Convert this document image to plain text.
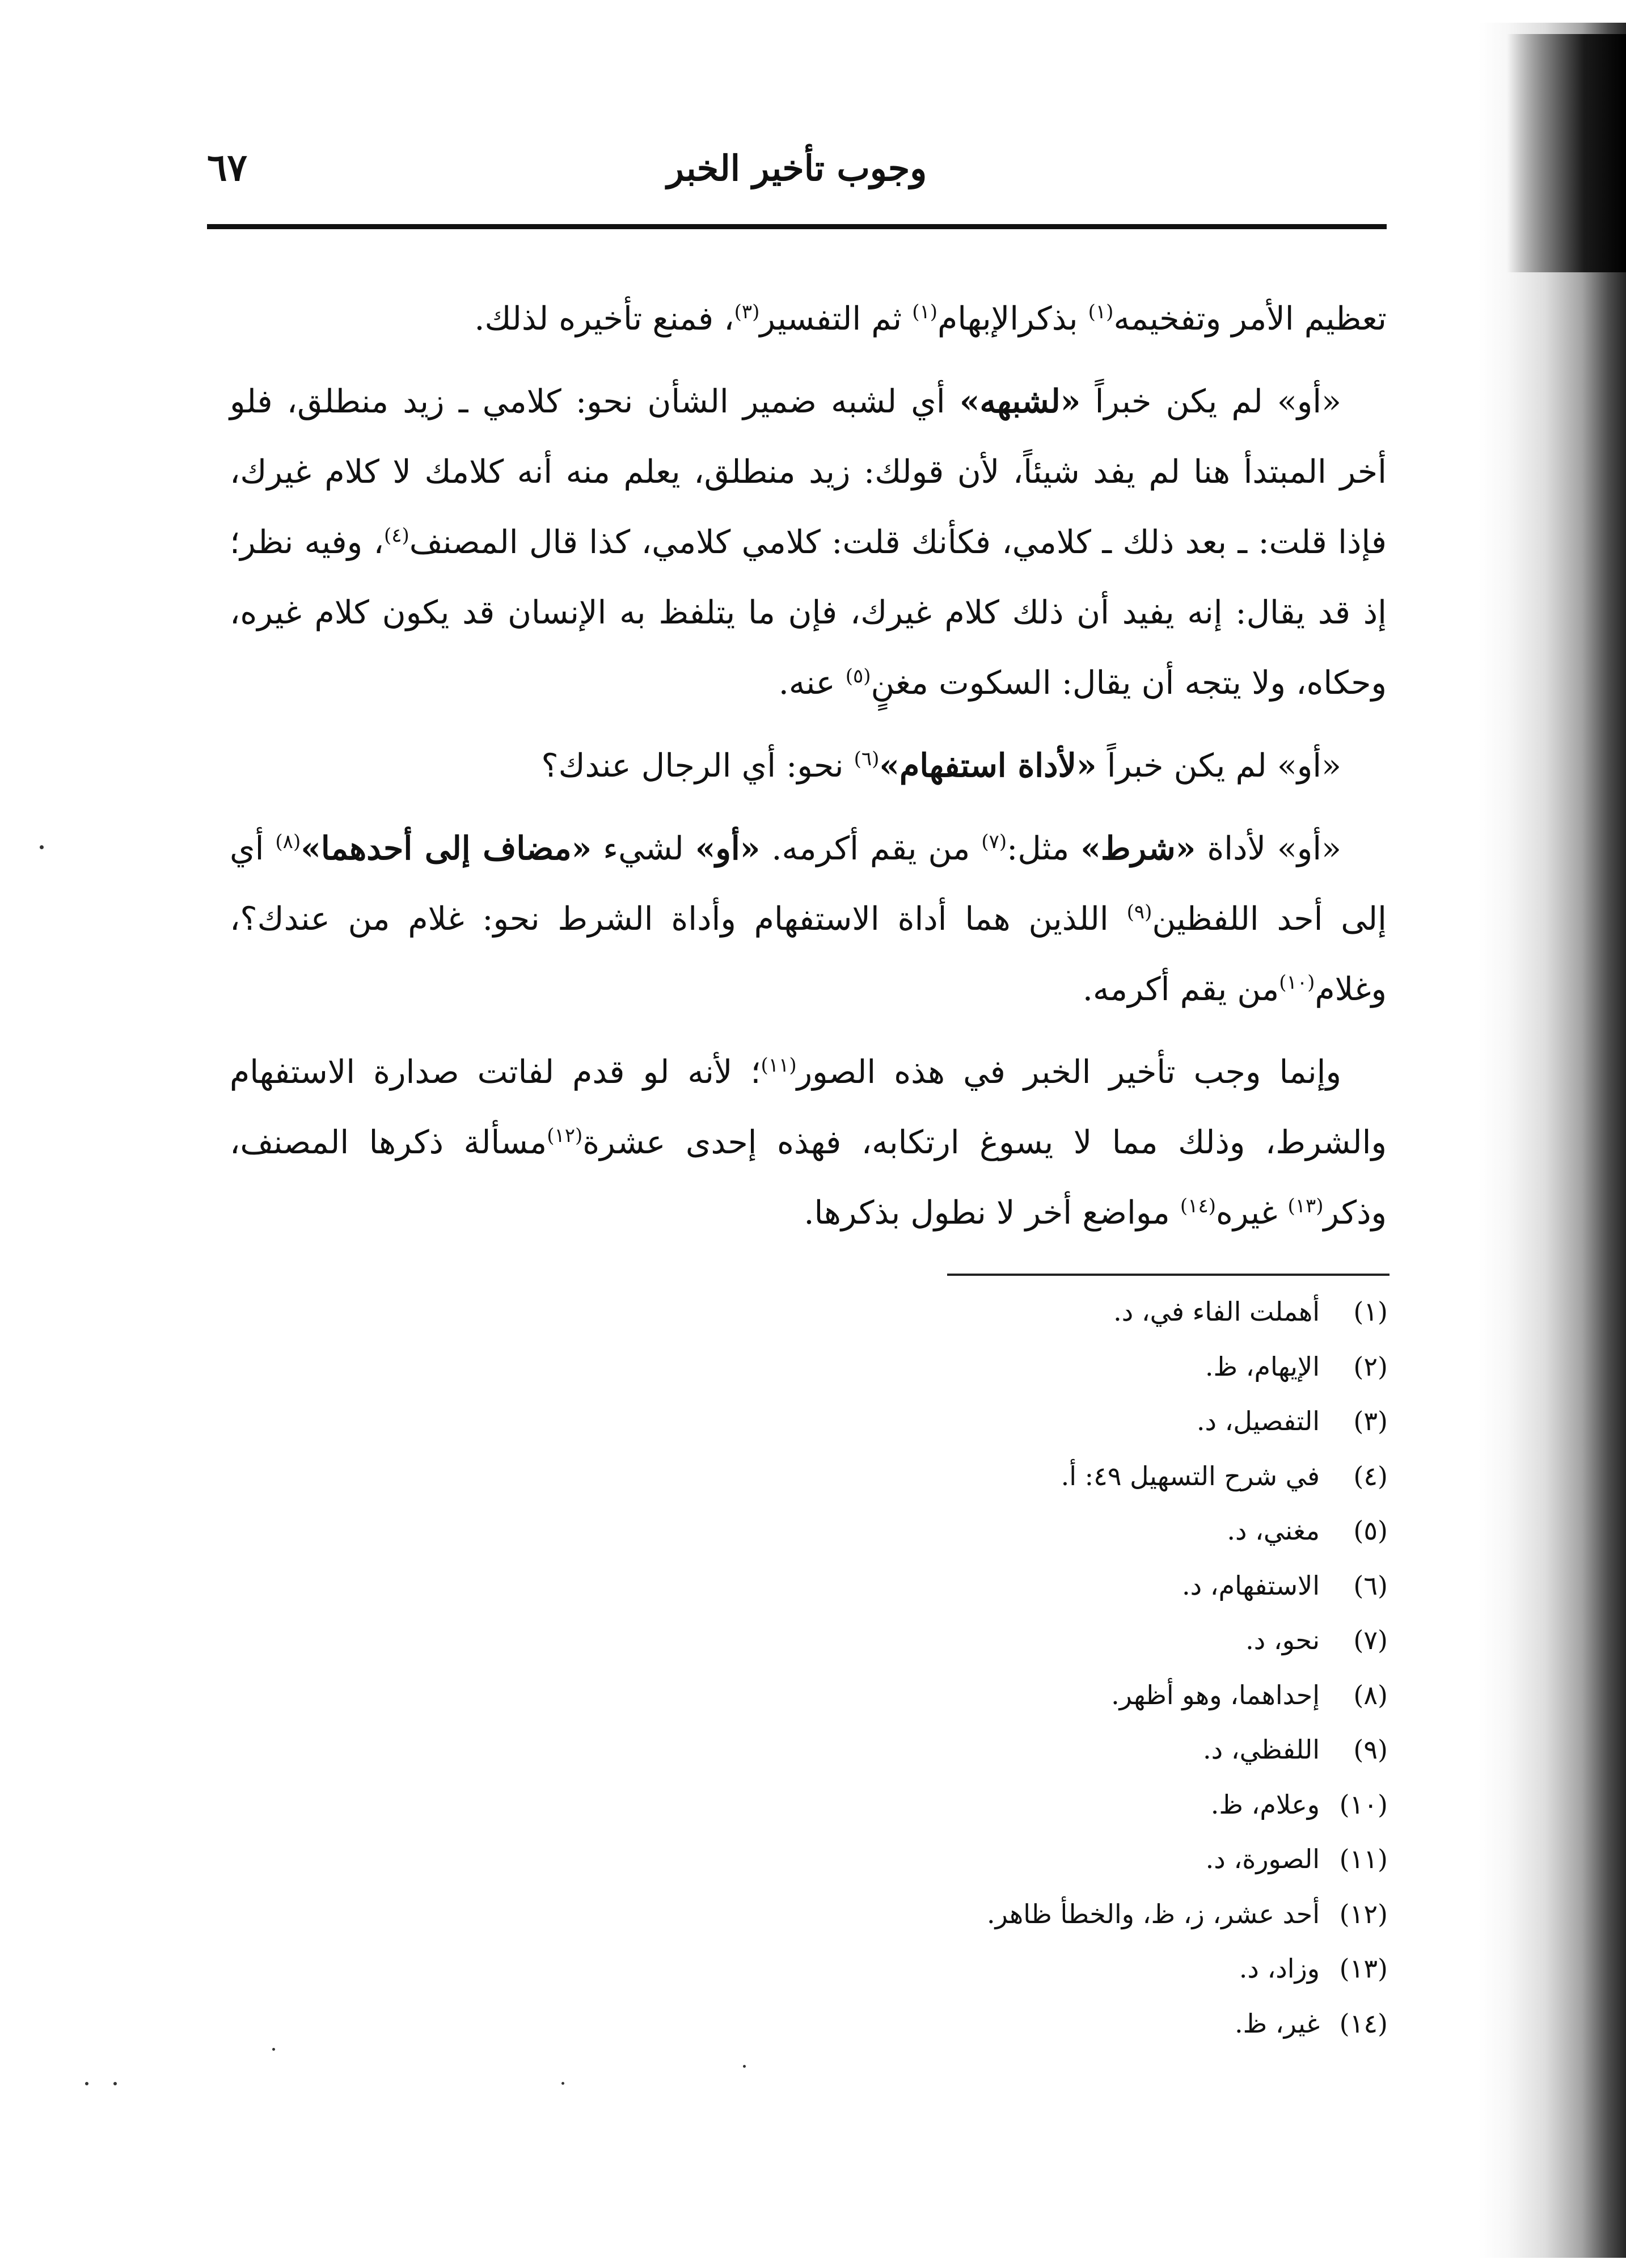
وجوب تأخير الخبر
٦٧

تعظيم الأمر وتفخيمه$^{(١)}$ بذكرالإبهام$^{(١)}$ ثم التفسير$^{(٣)}$، فمنع تأخيره لذلك.

«أو» لم يكن خبراً «لشبهه» أي لشبه ضمير الشأن نحو: كلامي ـ زيد منطلق، فلو أخر المبتدأ هنا لم يفد شيئاً، لأن قولك: زيد منطلق، يعلم منه أنه كلامك لا كلام غيرك، فإذا قلت: ـ بعد ذلك ـ كلامي، فكأنك قلت: كلامي كلامي، كذا قال المصنف$^{(٤)}$، وفيه نظر؛ إذ قد يقال: إنه يفيد أن ذلك كلام غيرك، فإن ما يتلفظ به الإنسان قد يكون كلام غيره، وحكاه، ولا يتجه أن يقال: السكوت مغنٍ$^{(٥)}$ عنه.

«أو» لم يكن خبراً «لأداة استفهام»$^{(٦)}$ نحو: أي الرجال عندك؟

«أو» لأداة «شرط» مثل:$^{(٧)}$ من يقم أكرمه. «أو» لشيء «مضاف إلى أحدهما»$^{(٨)}$ أي إلى أحد اللفظين$^{(٩)}$ اللذين هما أداة الاستفهام وأداة الشرط نحو: غلام من عندك؟، وغلام$^{(١٠)}$من يقم أكرمه.

وإنما وجب تأخير الخبر في هذه الصور$^{(١١)}$؛ لأنه لو قدم لفاتت صدارة الاستفهام والشرط، وذلك مما لا يسوغ ارتكابه، فهذه إحدى عشرة$^{(١٢)}$مسألة ذكرها المصنف، وذكر$^{(١٣)}$ غيره$^{(١٤)}$ مواضع أخر لا نطول بذكرها.

(١)
أهملت الفاء في، د.
(٢)
الإيهام، ظ.
(٣)
التفصيل، د.
(٤)
في شرح التسهيل ٤٩: أ.
(٥)
مغني، د.
(٦)
الاستفهام، د.
(٧)
نحو، د.
(٨)
إحداهما، وهو أظهر.
(٩)
اللفظي، د.
(١٠)
وعلام، ظ.
(١١)
الصورة، د.
(١٢)
أحد عشر، ز، ظ، والخطأ ظاهر.
(١٣)
وزاد، د.
(١٤)
غير، ظ.
